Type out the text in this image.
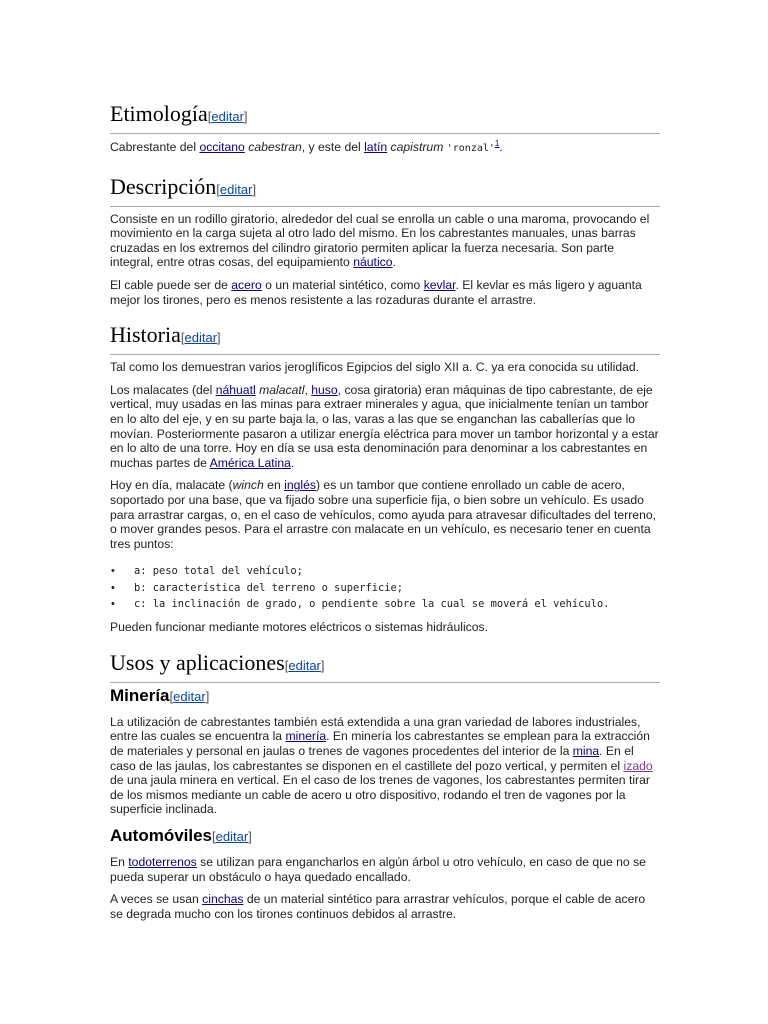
Etimología[editar]

Cabrestante del occitano cabestran, y este del latín capistrum 'ronzal'$^1$.

Descripción[editar]

Consiste en un rodillo giratorio, alrededor del cual se enrolla un cable o una maroma, provocando el movimiento en la carga sujeta al otro lado del mismo. En los cabrestantes manuales, unas barras cruzadas en los extremos del cilindro giratorio permiten aplicar la fuerza necesaria. Son parte integral, entre otras cosas, del equipamiento náutico.

El cable puede ser de acero o un material sintético, como kevlar. El kevlar es más ligero y aguanta mejor los tirones, pero es menos resistente a las rozaduras durante el arrastre.

Historia[editar]

Tal como los demuestran varios jeroglíficos Egipcios del siglo XII a. C. ya era conocida su utilidad.

Los malacates (del náhuatl malacatl, huso, cosa giratoria) eran máquinas de tipo cabrestante, de eje vertical, muy usadas en las minas para extraer minerales y agua, que inicialmente tenían un tambor en lo alto del eje, y en su parte baja la, o las, varas a las que se enganchan las caballerías que lo movían. Posteriormente pasaron a utilizar energía eléctrica para mover un tambor horizontal y a estar en lo alto de una torre. Hoy en día se usa esta denominación para denominar a los cabrestantes en muchas partes de América Latina.

Hoy en día, malacate (winch en inglés) es un tambor que contiene enrollado un cable de acero, soportado por una base, que va fijado sobre una superficie fija, o bien sobre un vehículo. Es usado para arrastrar cargas, o, en el caso de vehículos, como ayuda para atravesar dificultades del terreno, o mover grandes pesos. Para el arrastre con malacate en un vehículo, es necesario tener en cuenta tres puntos:

• a: peso total del vehículo;
• b: característica del terreno o superficie;
• c: la inclinación de grado, o pendiente sobre la cual se moverá el vehículo.

Pueden funcionar mediante motores eléctricos o sistemas hidráulicos.

Usos y aplicaciones[editar]
Minería[editar]

La utilización de cabrestantes también está extendida a una gran variedad de labores industriales, entre las cuales se encuentra la minería. En minería los cabrestantes se emplean para la extracción de materiales y personal en jaulas o trenes de vagones procedentes del interior de la mina. En el caso de las jaulas, los cabrestantes se disponen en el castillete del pozo vertical, y permiten el izado de una jaula minera en vertical. En el caso de los trenes de vagones, los cabrestantes permiten tirar de los mismos mediante un cable de acero u otro dispositivo, rodando el tren de vagones por la superficie inclinada.

Automóviles[editar]

En todoterrenos se utilizan para engancharlos en algún árbol u otro vehículo, en caso de que no se pueda superar un obstáculo o haya quedado encallado.

A veces se usan cinchas de un material sintético para arrastrar vehículos, porque el cable de acero se degrada mucho con los tirones continuos debidos al arrastre.
